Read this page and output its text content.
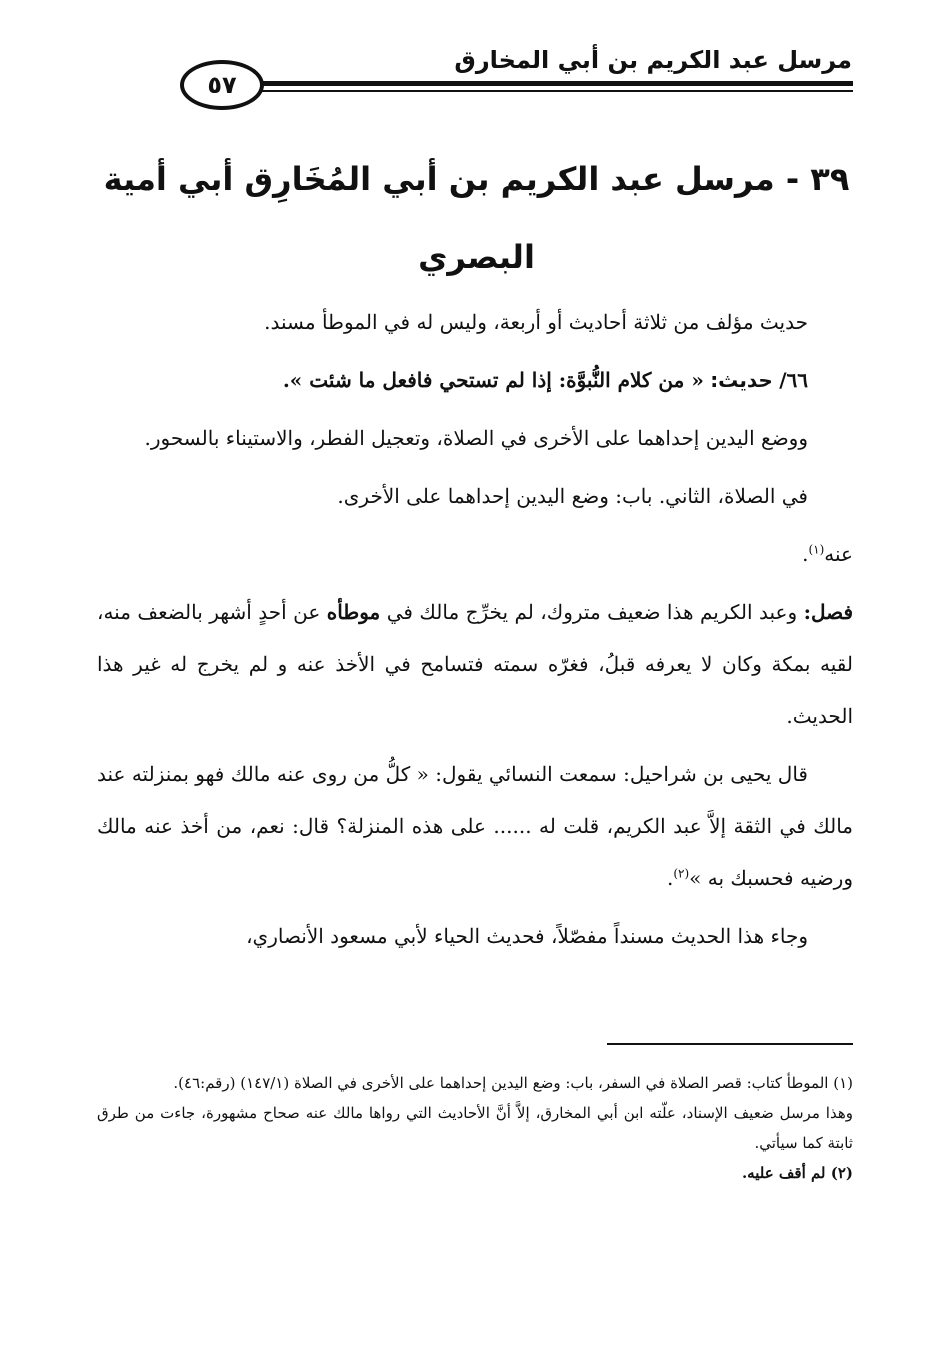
مرسل عبد الكريم بن أبي المخارق
٥٧
٣٩ - مرسل عبد الكريم بن أبي المُخَارِق أبي أمية البصري

حديث مؤلف من ثلاثة أحاديث أو أربعة، وليس له في الموطأ مسند.

٦٦/ حديث: « من كلام النُّبوَّة: إذا لم تستحي فافعل ما شئت ».

ووضع اليدين إحداهما على الأخرى في الصلاة، وتعجيل الفطر، والاستيناء بالسحور.

في الصلاة، الثاني. باب: وضع اليدين إحداهما على الأخرى.

عنه$^{(١)}$.

فصل: وعبد الكريم هذا ضعيف متروك، لم يخرِّج مالك في موطأه عن أحدٍ أشهر بالضعف منه، لقيه بمكة وكان لا يعرفه قبلُ، فغرّه سمته فتسامح في الأخذ عنه و لم يخرج له غير هذا الحديث.

قال يحيى بن شراحيل: سمعت النسائي يقول: « كلُّ من روى عنه مالك فهو بمنزلته عند مالك في الثقة إلاَّ عبد الكريم، قلت له ...... على هذه المنزلة؟ قال: نعم، من أخذ عنه مالك ورضيه فحسبك به »$^{(٢)}$.

وجاء هذا الحديث مسنداً مفصّلاً، فحديث الحياء لأبي مسعود الأنصاري،

(١) الموطأ كتاب: قصر الصلاة في السفر، باب: وضع اليدين إحداهما على الأخرى في الصلاة (١٤٧/١) (رقم:٤٦).

وهذا مرسل ضعيف الإسناد، علّته ابن أبي المخارق، إلاَّ أنَّ الأحاديث التي رواها مالك عنه صحاح مشهورة، جاءت من طرق ثابتة كما سيأتي.

(٢) لم أقف عليه.
